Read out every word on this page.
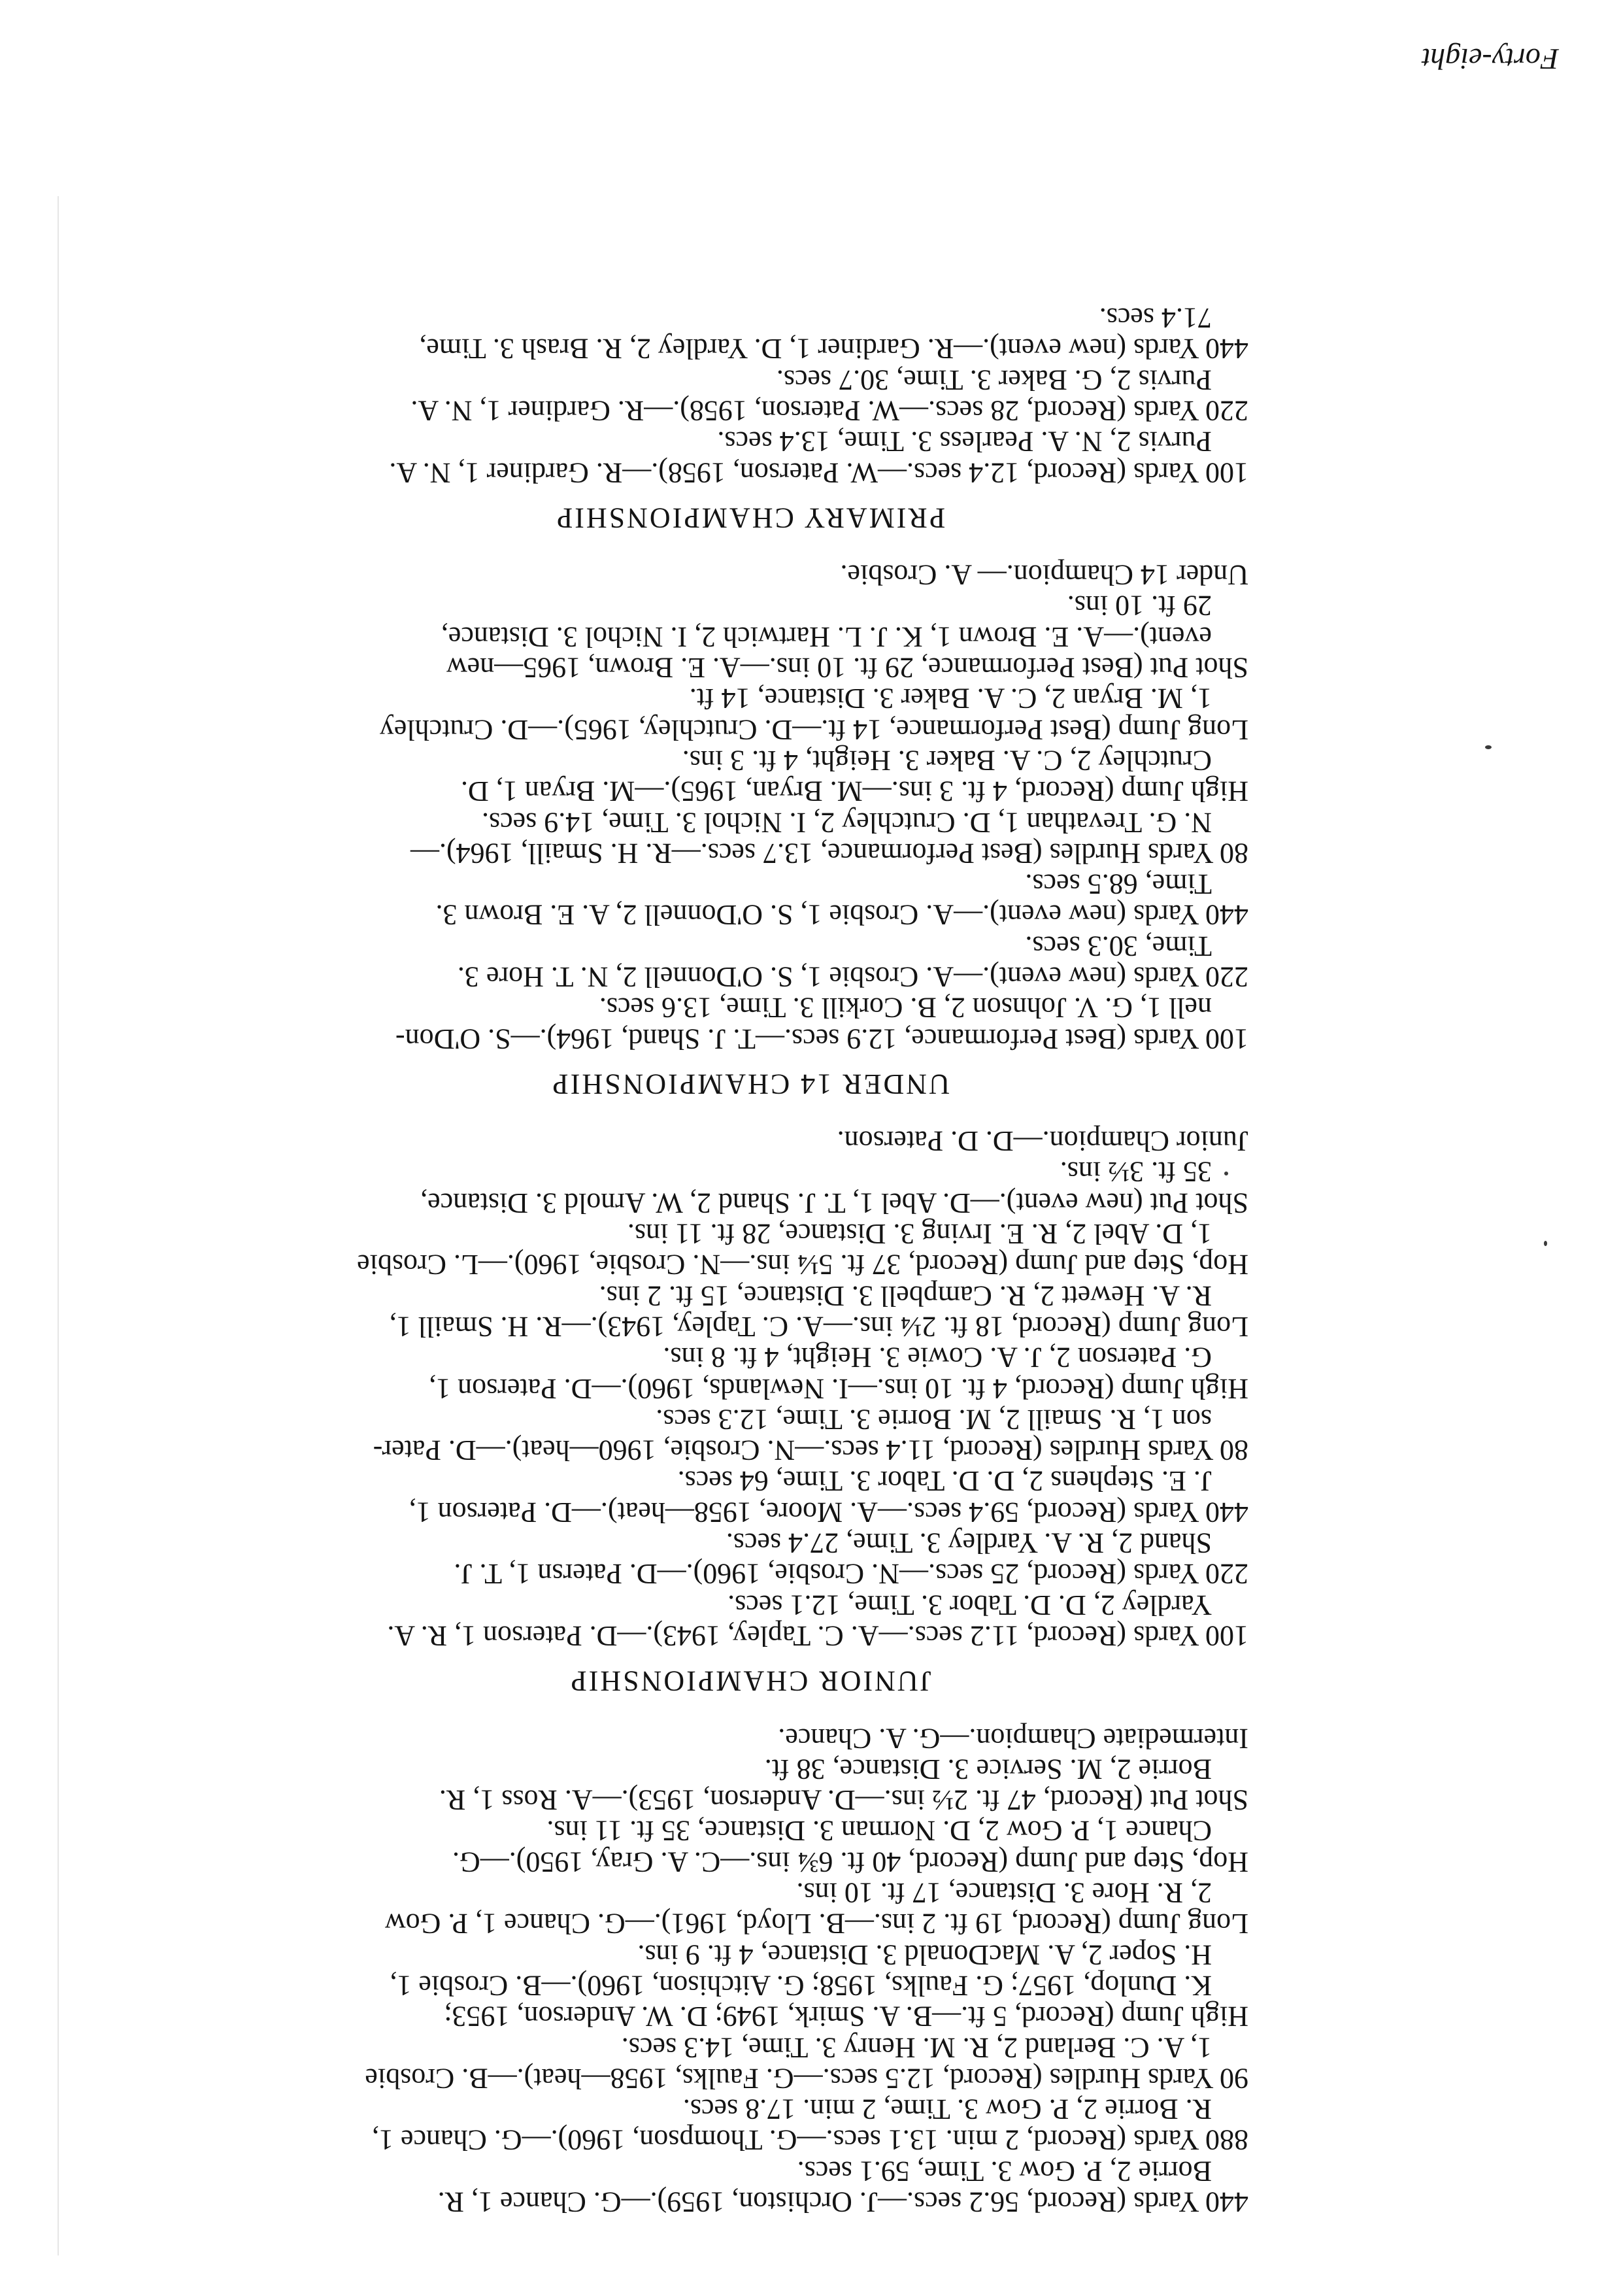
440 Yards (Record, 56.2 secs.—J. Orchiston, 1959).—G. Chance 1, R.
Borrie 2, P. Gow 3. Time, 59.1 secs.
880 Yards (Record, 2 min. 13.1 secs.—G. Thompson, 1960).—G. Chance 1,
R. Borrie 2, P. Gow 3. Time, 2 min. 17.8 secs.
90 Yards Hurdles (Record, 12.5 secs.—G. Faulks, 1958—heat).—B. Crosbie
1, A. C. Berland 2, R. M. Henry 3. Time, 14.3 secs.
High Jump (Record, 5 ft.—B. A. Smirk, 1949; D. W. Anderson, 1953;
K. Dunlop, 1957; G. Faulks, 1958; G. Aitchison, 1960).—B. Crosbie 1,
H. Soper 2, A. MacDonald 3. Distance, 4 ft. 9 ins.
Long Jump (Record, 19 ft. 2 ins.—B. Lloyd, 1961).—G. Chance 1, P. Gow
2, R. Hore 3. Distance, 17 ft. 10 ins.
Hop, Step and Jump (Record, 40 ft. 6¾ ins.—C. A. Gray, 1950).—G.
Chance 1, P. Gow 2, D. Norman 3. Distance, 35 ft. 11 ins.
Shot Put (Record, 47 ft. 2½ ins.—D. Anderson, 1953).—A. Ross 1, R.
Borrie 2, M. Service 3. Distance, 38 ft.
Intermediate Champion.—G. A. Chance.
JUNIOR CHAMPIONSHIP
100 Yards (Record, 11.2 secs.—A. C. Tapley, 1943).—D. Paterson 1, R. A.
Yardley 2, D. D. Tabor 3. Time, 12.1 secs.
220 Yards (Record, 25 secs.—N. Crosbie, 1960).—D. Patersn 1, T. J.
Shand 2, R. A. Yardley 3. Time, 27.4 secs.
440 Yards (Record, 59.4 secs.—A. Moore, 1958—heat).—D. Paterson 1,
J. E. Stephens 2, D. D. Tabor 3. Time, 64 secs.
80 Yards Hurdles (Record, 11.4 secs.—N. Crosbie, 1960—heat).—D. Pater-
son 1, R. Smaill 2, M. Borrie 3. Time, 12.3 secs.
High Jump (Record, 4 ft. 10 ins.—I. Newlands, 1960).—D. Paterson 1,
G. Paterson 2, J. A. Cowie 3. Height, 4 ft. 8 ins.
Long Jump (Record, 18 ft. 2¼ ins.—A. C. Tapley, 1943).—R. H. Smaill 1,
R. A. Hewett 2, R. Campbell 3. Distance, 15 ft. 2 ins.
Hop, Step and Jump (Record, 37 ft. 5¼ ins.—N. Crosbie, 1960).—L. Crosbie
1, D. Abel 2, R. E. Irving 3. Distance, 28 ft. 11 ins.
Shot Put (new event).—D. Abel 1, T. J. Shand 2, W. Arnold 3. Distance,
35 ft. 3½ ins.
Junior Champion.—D. D. Paterson.
UNDER 14 CHAMPIONSHIP
100 Yards (Best Performance, 12.9 secs.—T. J. Shand, 1964).—S. O'Don-
nell 1, G. V. Johnson 2, B. Corkill 3. Time, 13.6 secs.
220 Yards (new event).—A. Crosbie 1, S. O'Donnell 2, N. T. Hore 3.
Time, 30.3 secs.
440 Yards (new event).—A. Crosbie 1, S. O'Donnell 2, A. E. Brown 3.
Time, 68.5 secs.
80 Yards Hurdles (Best Performance, 13.7 secs.—R. H. Smaill, 1964).—
N. G. Trevathan 1, D. Crutchley 2, I. Nichol 3. Time, 14.9 secs.
High Jump (Record, 4 ft. 3 ins.—M. Bryan, 1965).—M. Bryan 1, D.
Crutchley 2, C. A. Baker 3. Height, 4 ft. 3 ins.
Long Jump (Best Performance, 14 ft.—D. Crutchley, 1965).—D. Crutchley
1, M. Bryan 2, C. A. Baker 3. Distance, 14 ft.
Shot Put (Best Performance, 29 ft. 10 ins.—A. E. Brown, 1965—new
event).—A. E. Brown 1, K. J. L. Hartwich 2, I. Nichol 3. Distance,
29 ft. 10 ins.
Under 14 Champion.— A. Crosbie.
PRIMARY CHAMPIONSHIP
100 Yards (Record, 12.4 secs.—W. Paterson, 1958).—R. Gardiner 1, N. A.
Purvis 2, N. A. Pearless 3. Time, 13.4 secs.
220 Yards (Record, 28 secs.—W. Paterson, 1958).—R. Gardiner 1, N. A.
Purvis 2, G. Baker 3. Time, 30.7 secs.
440 Yards (new event).—R. Gardiner 1, D. Yardley 2, R. Brash 3. Time,
71.4 secs.
Forty-eight
